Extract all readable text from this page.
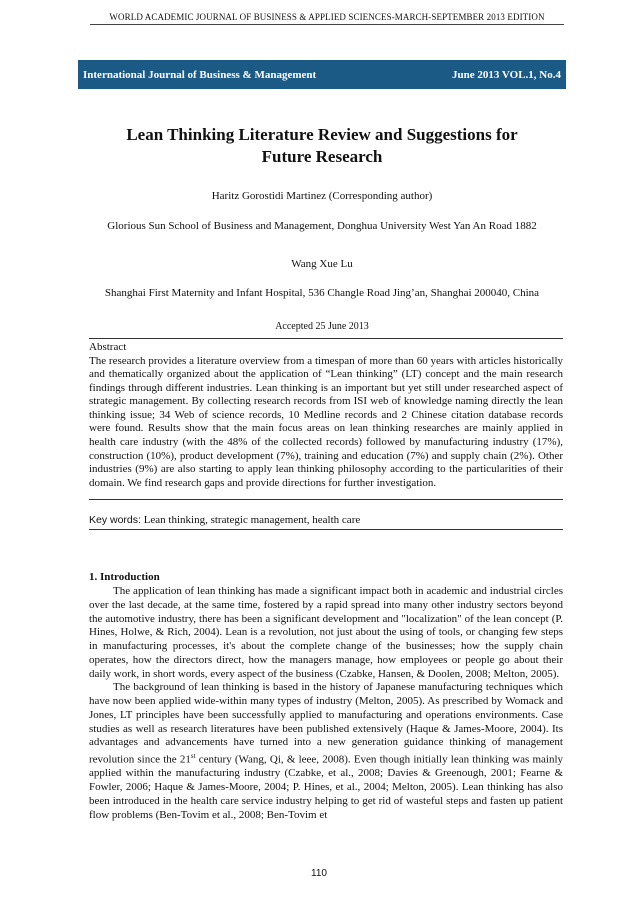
WORLD ACADEMIC JOURNAL OF BUSINESS & APPLIED SCIENCES-MARCH-SEPTEMBER 2013 EDITION
International Journal of Business & Management	June 2013 VOL.1, No.4
Lean Thinking Literature Review and Suggestions for
Future Research
Haritz Gorostidi Martinez (Corresponding author)
Glorious Sun School of Business and Management, Donghua University West Yan An Road 1882
Wang Xue Lu
Shanghai First Maternity and Infant Hospital, 536 Changle Road Jing’an, Shanghai 200040, China
Accepted 25 June 2013
Abstract

The research provides a literature overview from a timespan of more than 60 years with articles historically and thematically organized about the application of “Lean thinking” (LT) concept and the main research findings through different industries. Lean thinking is an important but yet still under researched aspect of strategic management. By collecting research records from ISI web of knowledge naming directly the lean thinking issue; 34 Web of science records, 10 Medline records and 2 Chinese citation database records were found. Results show that the main focus areas on lean thinking researches are mainly applied in health care industry (with the 48% of the collected records) followed by manufacturing industry (17%), construction (10%), product development (7%), training and education (7%) and supply chain (2%). Other industries (9%) are also starting to apply lean thinking philosophy according to the particularities of their domain. We find research gaps and provide directions for further investigation.

Key words: Lean thinking, strategic management, health care
1. Introduction

The application of lean thinking has made a significant impact both in academic and industrial circles over the last decade, at the same time, fostered by a rapid spread into many other industry sectors beyond the automotive industry, there has been a significant development and "localization" of the lean concept (P. Hines, Holwe, & Rich, 2004). Lean is a revolution, not just about the using of tools, or changing few steps in manufacturing processes, it's about the complete change of the businesses; how the supply chain operates, how the directors direct, how the managers manage, how employees or people go about their daily work, in short words, every aspect of the business (Czabke, Hansen, & Doolen, 2008; Melton, 2005).

The background of lean thinking is based in the history of Japanese manufacturing techniques which have now been applied wide-within many types of industry (Melton, 2005). As prescribed by Womack and Jones, LT principles have been successfully applied to manufacturing and operations environments. Case studies as well as research literatures have been published extensively (Haque & James-Moore, 2004). Its advantages and advancements have turned into a new generation guidance thinking of management revolution since the 21st century (Wang, Qi, & leee, 2008). Even though initially lean thinking was mainly applied within the manufacturing industry (Czabke, et al., 2008; Davies & Greenough, 2001; Fearne & Fowler, 2006; Haque & James-Moore, 2004; P. Hines, et al., 2004; Melton, 2005). Lean thinking has also been introduced in the health care service industry helping to get rid of wasteful steps and fasten up patient flow problems (Ben-Tovim et al., 2008; Ben-Tovim et

110
